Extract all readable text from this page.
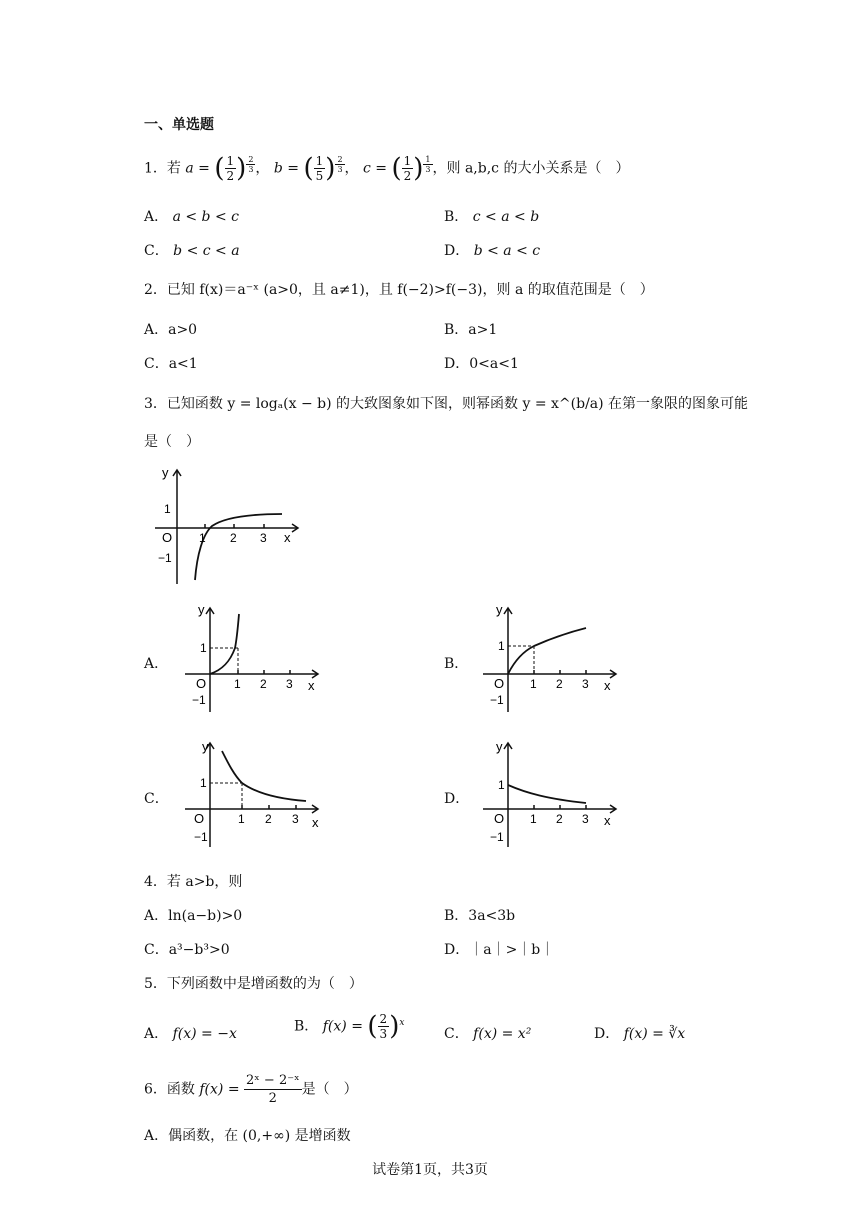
一、单选题
1．若 a = ( $\frac{1}{2}$ ) $^{\frac{2}{3}}$ ， b = ( $\frac{1}{5}$ ) $^{\frac{2}{3}}$ ， c = ( $\frac{1}{2}$ ) $^{\frac{1}{3}}$ ，则 a,b,c 的大小关系是（　）
A． a < b < c	B． c < a < b
C． b < c < a	D． b < a < c
2．已知 f(x)＝a⁻ˣ (a>0，且 a≠1)，且 f(−2)>f(−3)，则 a 的取值范围是（　）
A．a>0	B．a>1
C．a<1	D．0<a<1
3．已知函数 y = logₐ(x − b) 的大致图象如下图，则幂函数 y = x^(b/a) 在第一象限的图象可能
是（　）
y
1
O 1 2 3 x
−1
A．
y
1
O 1 2 3 x
−1
B．
y
1
O 1 2 3 x
−1
C．
y
1
O	1 2 3 x
−1
D．
y
1
O 1 2 3 x
−1
4．若 a>b，则
A．ln(a−b)>0	B．3a<3b
C．a³−b³>0	D．｜a｜>｜b｜
5．下列函数中是增函数的为（　）
A． f(x) = −x	B． f(x) = ( $\frac{2}{3} )^x$
C． f(x) = x²	D． f(x) = ∛x
6．函数 $f(x) = \frac{\text{2ˣ − 2⁻ˣ}}{2}$ 是（　）
A．偶函数，在 (0,+∞) 是增函数
试卷第1页，共3页
